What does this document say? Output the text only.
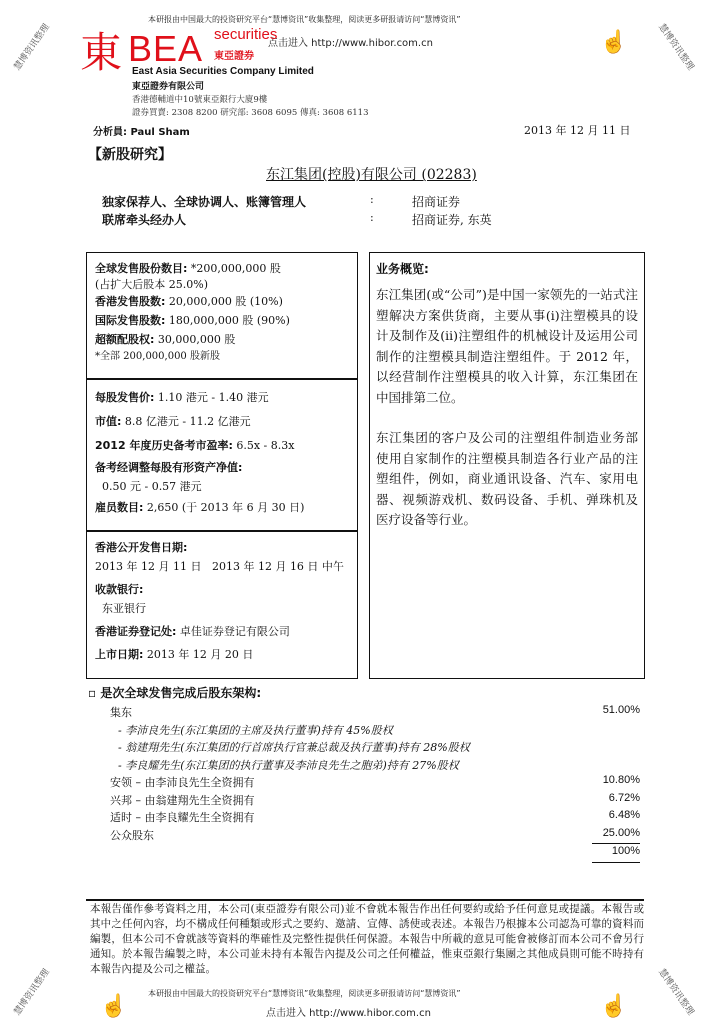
本研报由中国最大的投资研究平台“慧博资讯”收集整理，阅读更多研报请访问“慧博资讯”
点击进入 http://www.hibor.com.cn
慧博资讯整理	慧博资讯整理
☝
東 BEA securities
東亞證券
East Asia Securities Company Limited
東亞證券有限公司
香港德輔道中10號東亞銀行大廈9樓
證券買賣: 2308 8200 研究部: 3608 6095 傳真: 3608 6113
分析員: Paul Sham	2013 年 12 月 11 日
【新股研究】
东江集团(控股)有限公司 (02283)
独家保荐人、全球协调人、账簿管理人	:	招商证券
联席牵头经办人	:	招商证券, 东英
全球发售股份数目: *200,000,000 股
(占扩大后股本 25.0%)
香港发售股数: 20,000,000 股 (10%)
国际发售股数: 180,000,000 股 (90%)
超额配股权: 30,000,000 股
*全部 200,000,000 股新股
每股发售价: 1.10 港元 - 1.40 港元
市值: 8.8 亿港元 - 11.2 亿港元
2012 年度历史备考市盈率: 6.5x - 8.3x
备考经调整每股有形资产净值:
0.50 元 - 0.57 港元
雇员数目: 2,650 (于 2013 年 6 月 30 日)
香港公开发售日期:
2013 年 12 月 11 日   2013 年 12 月 16 日 中午
收款银行:
东亚银行
香港证券登记处: 卓佳证券登记有限公司
上市日期: 2013 年 12 月 20 日
业务概览:
东江集团(或“公司”)是中国一家领先的一站式注塑解决方案供货商，主要从事(i)注塑模具的设计及制作及(ii)注塑组件的机械设计及运用公司制作的注塑模具制造注塑组件。于 2012 年，以经营制作注塑模具的收入计算，东江集团在中国排第二位。
东江集团的客户及公司的注塑组件制造业务部使用自家制作的注塑模具制造各行业产品的注塑组件，例如，商业通讯设备、汽车、家用电器、视频游戏机、数码设备、手机、弹珠机及医疗设备等行业。
▫ 是次全球发售完成后股东架构:
集东	51.00%
- 李沛良先生(东江集团的主席及执行董事)持有 45%股权
- 翁建翔先生(东江集团的行首席执行官兼总裁及执行董事)持有 28%股权
- 李良耀先生(东江集团的执行董事及李沛良先生之胞弟)持有 27%股权
安领 – 由李沛良先生全资拥有	10.80%
兴邦 – 由翁建翔先生全资拥有	6.72%
适时 – 由李良耀先生全资拥有	6.48%
公众股东	25.00%
100%
本報告僅作參考資料之用，本公司(東亞證券有限公司)並不會就本報告作出任何要約或給予任何意見或提議。本報告或其中之任何內容，均不構成任何種類或形式之要約、邀請、宣傳、誘使或表述。本報告乃根據本公司認為可靠的資料而編製，但本公司不會就該等資料的準確性及完整性提供任何保證。本報告中所載的意見可能會被修訂而本公司不會另行通知。於本報告編製之時，本公司並未持有本報告內提及公司之任何權益，惟東亞銀行集團之其他成員則可能不時持有本報告內提及公司之權益。
本研报由中国最大的投资研究平台“慧博资讯”收集整理，阅读更多研报请访问“慧博资讯”
点击进入 http://www.hibor.com.cn
☝	☝
慧博资讯整理	慧博资讯整理
